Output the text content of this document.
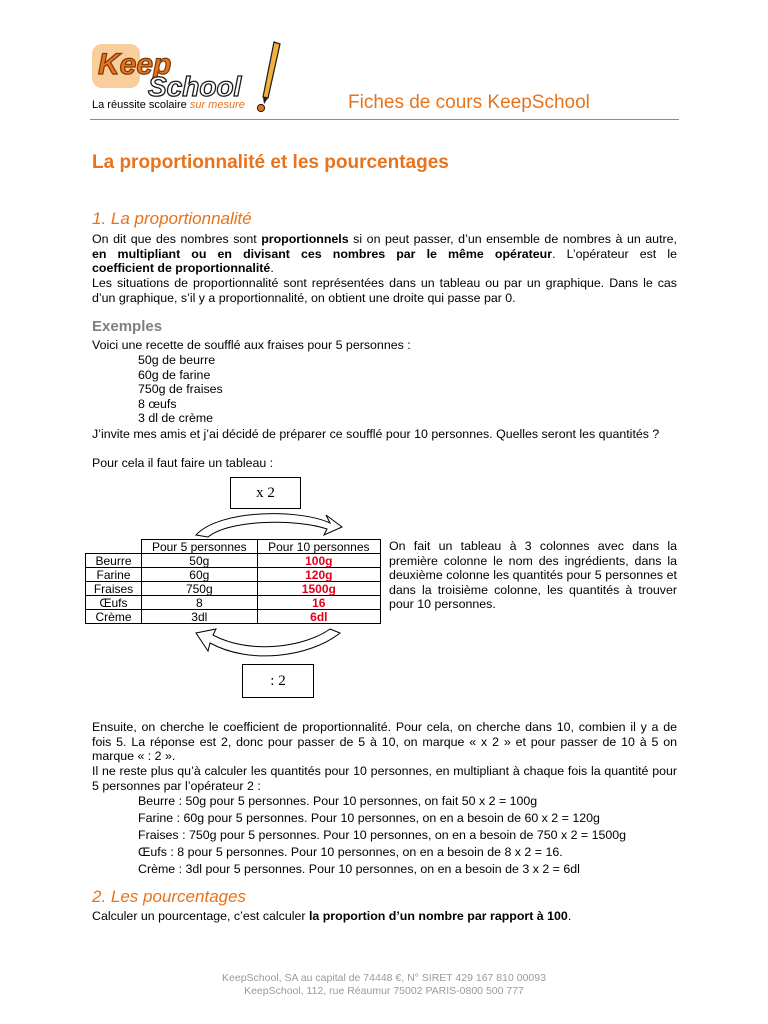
Keep
School
La réussite scolaire sur mesure	Fiches de cours KeepSchool
La proportionnalité et les pourcentages
1. La proportionnalité
On dit que des nombres sont proportionnels si on peut passer, d’un ensemble de nombres à un autre,
en multipliant ou en divisant ces nombres par le même opérateur. L’opérateur est le
coefficient de proportionnalité.
Les situations de proportionnalité sont représentées dans un tableau ou par un graphique. Dans le cas d’un graphique, s’il y a proportionnalité, on obtient une droite qui passe par 0.
Exemples
Voici une recette de soufflé aux fraises pour 5 personnes :
50g de beurre
60g de farine
750g de fraises
8 œufs
3 dl de crème
J’invite mes amis et j’ai décidé de préparer ce soufflé pour 10 personnes. Quelles seront les quantités ?
Pour cela il faut faire un tableau :
x 2
	Pour 5 personnes	Pour 10 personnes
Beurre	50g	100g
Farine	60g	120g
Fraises	750g	1500g
Œufs	8	16
Crème	3dl	6dl
: 2
On fait un tableau à 3 colonnes avec dans la première colonne le nom des ingrédients, dans la deuxième colonne les quantités pour 5 personnes et dans la troisième colonne, les quantités à trouver pour 10 personnes.
Ensuite, on cherche le coefficient de proportionnalité. Pour cela, on cherche dans 10, combien il y a de fois 5. La réponse est 2, donc pour passer de 5 à 10, on marque « x 2 » et pour passer de 10 à 5 on marque « : 2 ».
Il ne reste plus qu’à calculer les quantités pour 10 personnes, en multipliant à chaque fois la quantité pour 5 personnes par l’opérateur 2 :
Beurre : 50g pour 5 personnes. Pour 10 personnes, on fait 50 x 2 = 100g
Farine : 60g pour 5 personnes. Pour 10 personnes, on en a besoin de 60 x 2 = 120g
Fraises : 750g pour 5 personnes. Pour 10 personnes, on en a besoin de 750 x 2 = 1500g
Œufs : 8 pour 5 personnes. Pour 10 personnes, on en a besoin de 8 x 2 = 16.
Crème : 3dl pour 5 personnes. Pour 10 personnes, on en a besoin de 3 x 2 = 6dl
2. Les pourcentages
Calculer un pourcentage, c’est calculer la proportion d’un nombre par rapport à 100.
KeepSchool, SA au capital de 74448 €, N° SIRET 429 167 810 00093
KeepSchool, 112, rue Réaumur 75002 PARIS-0800 500 777
